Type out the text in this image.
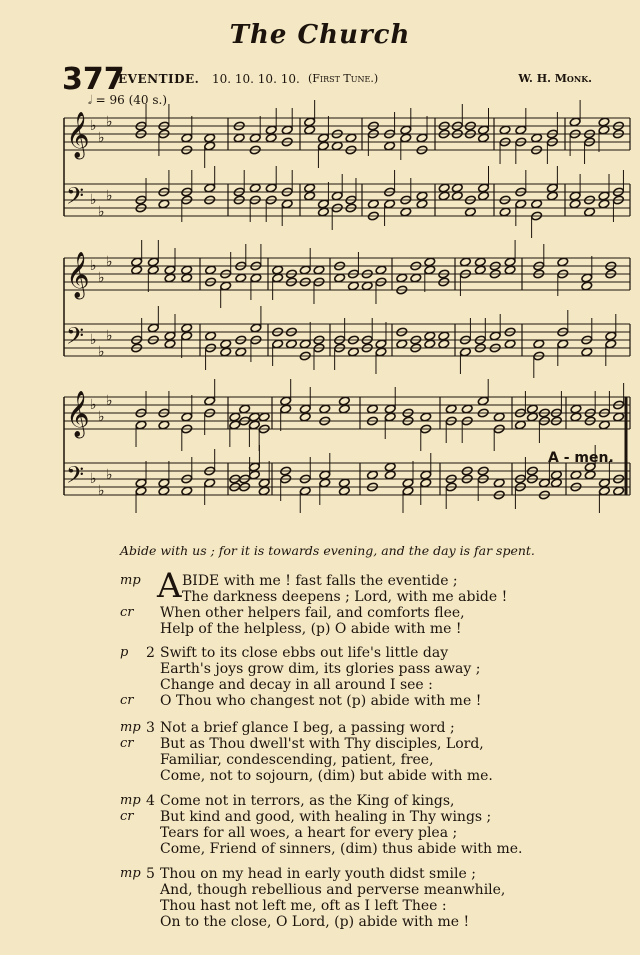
The Church
377
EVENTIDE. 10. 10. 10. 10. (First Tune.)	W. H. Monk.
𝅗𝅥 = 96 (40 s.)
𝄞 ♭
♭
♭
𝄢 ♭
♭
♭
𝄞 ♭
♭
♭
𝄢 ♭
♭
♭
𝄞 ♭
♭
♭
𝄢 ♭
♭
♭
A - men.
Abide with us ; for it is towards evening, and the day is far spent.
mp A BIDE with me ! fast falls the eventide ;
The darkness deepens ; Lord, with me abide !
cr When other helpers fail, and comforts flee,
Help of the helpless, (p) O abide with me !
p 2 Swift to its close ebbs out life's little day
Earth's joys grow dim, its glories pass away ;
Change and decay in all around I see :
cr O Thou who changest not (p) abide with me !
mp 3 Not a brief glance I beg, a passing word ;
cr But as Thou dwell'st with Thy disciples, Lord,
Familiar, condescending, patient, free,
Come, not to sojourn, (dim) but abide with me.
mp 4 Come not in terrors, as the King of kings,
cr But kind and good, with healing in Thy wings ;
Tears for all woes, a heart for every plea ;
Come, Friend of sinners, (dim) thus abide with me.
mp 5 Thou on my head in early youth didst smile ;
And, though rebellious and perverse meanwhile,
Thou hast not left me, oft as I left Thee :
On to the close, O Lord, (p) abide with me !
